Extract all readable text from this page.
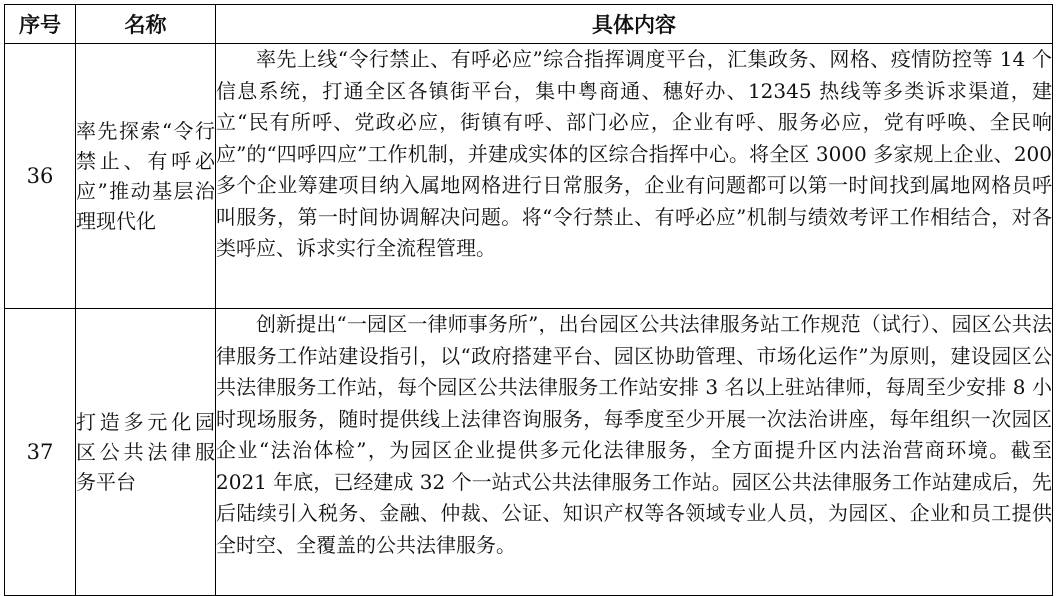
序号	名称	具体内容
36	率先探索“令行禁止、有呼必应”推动基层治理现代化	率先上线“令行禁止、有呼必应”综合指挥调度平台，汇集政务、网格、疫情防控等 14 个信息系统，打通全区各镇街平台，集中粤商通、穗好办、12345 热线等多类诉求渠道，建立“民有所呼、党政必应，街镇有呼、部门必应，企业有呼、服务必应，党有呼唤、全民响应”的“四呼四应”工作机制，并建成实体的区综合指挥中心。将全区 3000 多家规上企业、200 多个企业筹建项目纳入属地网格进行日常服务，企业有问题都可以第一时间找到属地网格员呼叫服务，第一时间协调解决问题。将“令行禁止、有呼必应”机制与绩效考评工作相结合，对各类呼应、诉求实行全流程管理。

37	打造多元化园区公共法律服务平台	创新提出“一园区一律师事务所”，出台园区公共法律服务站工作规范（试行）、园区公共法律服务工作站建设指引，以“政府搭建平台、园区协助管理、市场化运作”为原则，建设园区公共法律服务工作站，每个园区公共法律服务工作站安排 3 名以上驻站律师，每周至少安排 8 小时现场服务，随时提供线上法律咨询服务，每季度至少开展一次法治讲座，每年组织一次园区企业“法治体检”，为园区企业提供多元化法律服务，全方面提升区内法治营商环境。截至 2021 年底，已经建成 32 个一站式公共法律服务工作站。园区公共法律服务工作站建成后，先后陆续引入税务、金融、仲裁、公证、知识产权等各领域专业人员，为园区、企业和员工提供全时空、全覆盖的公共法律服务。
